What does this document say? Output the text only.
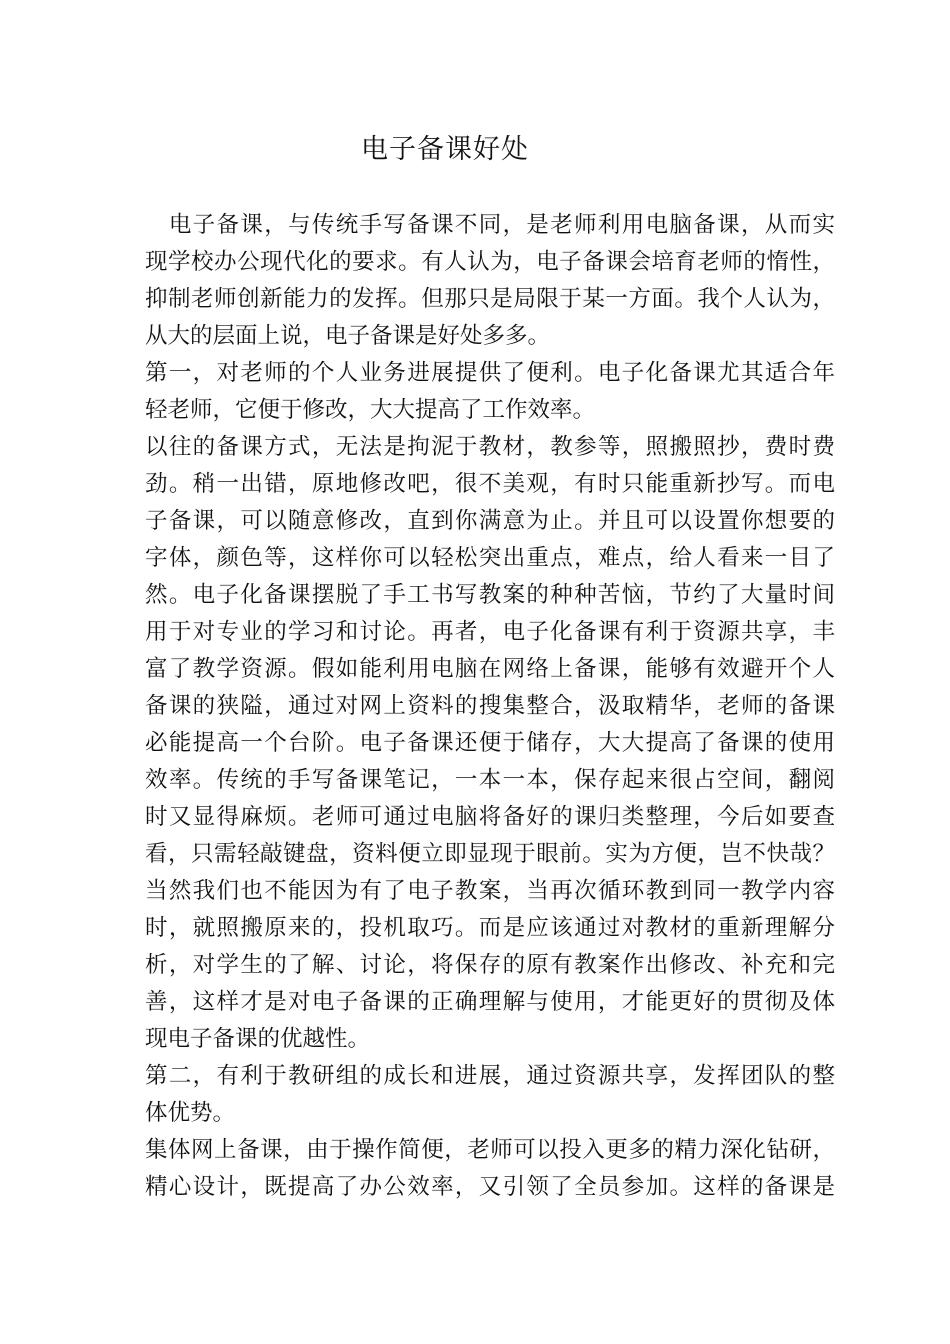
电子备课好处
　电子备课，与传统手写备课不同，是老师利用电脑备课，从而实
现学校办公现代化的要求。有人认为，电子备课会培育老师的惰性，
抑制老师创新能力的发挥。但那只是局限于某一方面。我个人认为，
从大的层面上说，电子备课是好处多多。
第一，对老师的个人业务进展提供了便利。电子化备课尤其适合年
轻老师，它便于修改，大大提高了工作效率。
以往的备课方式，无法是拘泥于教材，教参等，照搬照抄，费时费
劲。稍一出错，原地修改吧，很不美观，有时只能重新抄写。而电
子备课，可以随意修改，直到你满意为止。并且可以设置你想要的
字体，颜色等，这样你可以轻松突出重点，难点，给人看来一目了
然。电子化备课摆脱了手工书写教案的种种苦恼，节约了大量时间
用于对专业的学习和讨论。再者，电子化备课有利于资源共享，丰
富了教学资源。假如能利用电脑在网络上备课，能够有效避开个人
备课的狭隘，通过对网上资料的搜集整合，汲取精华，老师的备课
必能提高一个台阶。电子备课还便于储存，大大提高了备课的使用
效率。传统的手写备课笔记，一本一本，保存起来很占空间，翻阅
时又显得麻烦。老师可通过电脑将备好的课归类整理，今后如要查
看，只需轻敲键盘，资料便立即显现于眼前。实为方便，岂不快哉？
当然我们也不能因为有了电子教案，当再次循环教到同一教学内容
时，就照搬原来的，投机取巧。而是应该通过对教材的重新理解分
析，对学生的了解、讨论，将保存的原有教案作出修改、补充和完
善，这样才是对电子备课的正确理解与使用，才能更好的贯彻及体
现电子备课的优越性。
第二，有利于教研组的成长和进展，通过资源共享，发挥团队的整
体优势。
集体网上备课，由于操作简便，老师可以投入更多的精力深化钻研，
精心设计，既提高了办公效率，又引领了全员参加。这样的备课是
